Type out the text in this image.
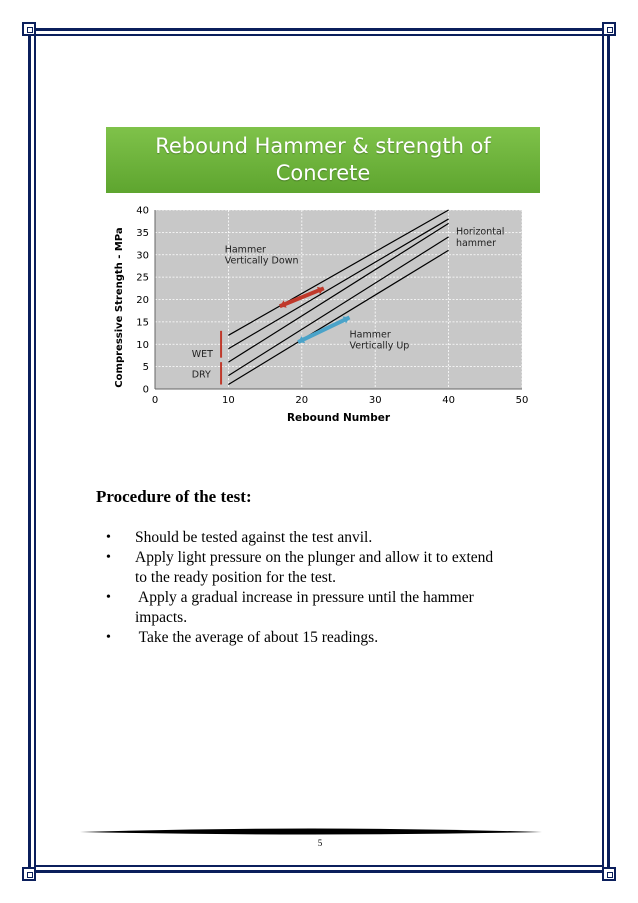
Rebound Hammer & strength of
Concrete
0
5
10
15
20
25
30
35
40
0	10	20	30	40	50
Hammer
Vertically Down
Hammer
Vertically Up
Horizontal
hammer
WET
DRY
Rebound Number
Compressive Strength - MPa
Procedure of the test:
• Should be tested against the test anvil.
• Apply light pressure on the plunger and allow it to extend
to the ready position for the test.
• Apply a gradual increase in pressure until the hammer
impacts.
• Take the average of about 15 readings.
5
